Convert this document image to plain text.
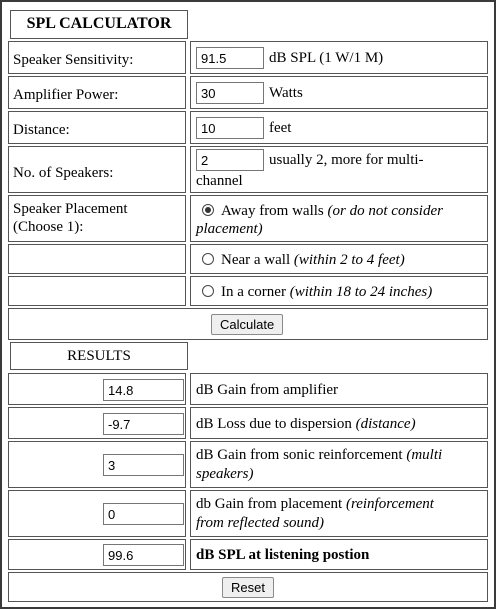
SPL CALCULATOR
Speaker Sensitivity:
91.5	dB SPL (1 W/1 M)
Amplifier Power:
30	Watts
Distance:
10	feet
No. of Speakers:
2
usually 2, more for multi-
channel
Speaker Placement
(Choose 1):
Away from walls (or do not consider
placement)
Near a wall (within 2 to 4 feet)
In a corner (within 18 to 24 inches)
Calculate
RESULTS
14.8
dB Gain from amplifier
-9.7
dB Loss due to dispersion (distance)
3
dB Gain from sonic reinforcement (multi
speakers)
0
db Gain from placement (reinforcement
from reflected sound)
99.6
dB SPL at listening postion
Reset
